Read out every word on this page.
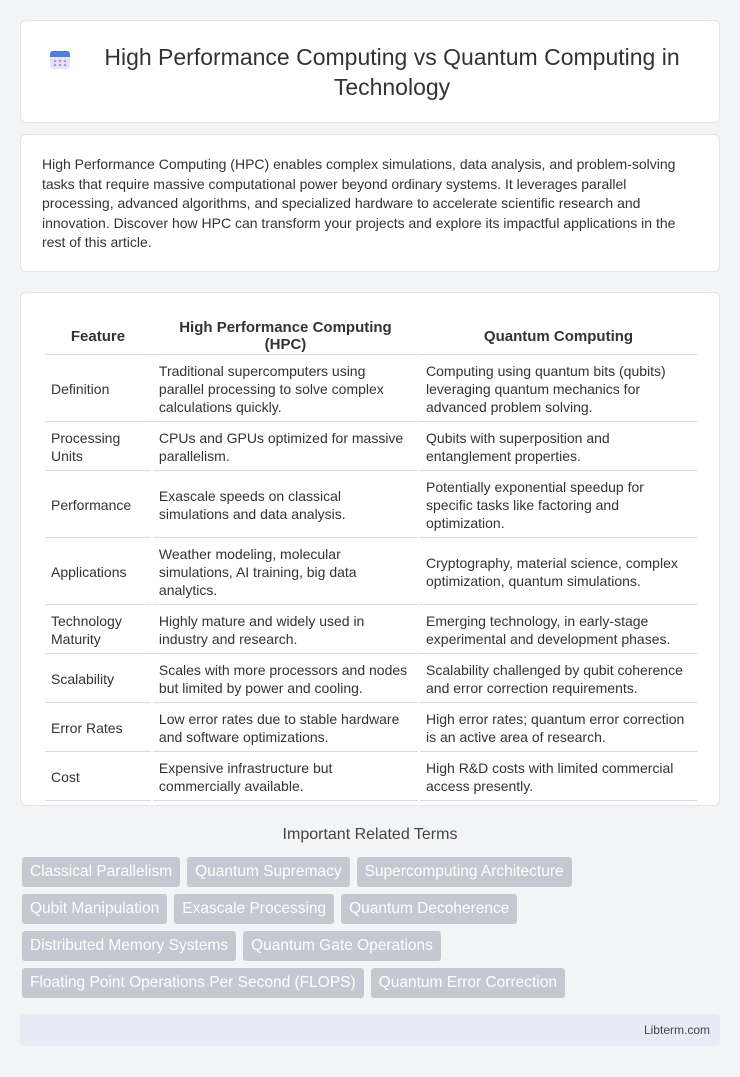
High Performance Computing vs Quantum Computing in Technology

High Performance Computing (HPC) enables complex simulations, data analysis, and problem-solving tasks that require massive computational power beyond ordinary systems. It leverages parallel processing, advanced algorithms, and specialized hardware to accelerate scientific research and innovation. Discover how HPC can transform your projects and explore its impactful applications in the rest of this article.

Feature	High Performance Computing (HPC)	Quantum Computing
Definition	Traditional supercomputers using parallel processing to solve complex calculations quickly.	Computing using quantum bits (qubits) leveraging quantum mechanics for advanced problem solving.
Processing Units	CPUs and GPUs optimized for massive parallelism.	Qubits with superposition and entanglement properties.
Performance	Exascale speeds on classical simulations and data analysis.	Potentially exponential speedup for specific tasks like factoring and optimization.
Applications	Weather modeling, molecular simulations, AI training, big data analytics.	Cryptography, material science, complex optimization, quantum simulations.
Technology Maturity	Highly mature and widely used in industry and research.	Emerging technology, in early-stage experimental and development phases.
Scalability	Scales with more processors and nodes but limited by power and cooling.	Scalability challenged by qubit coherence and error correction requirements.
Error Rates	Low error rates due to stable hardware and software optimizations.	High error rates; quantum error correction is an active area of research.
Cost	Expensive infrastructure but commercially available.	High R&D costs with limited commercial access presently.
Important Related Terms
Classical Parallelism	Quantum Supremacy	Supercomputing Architecture
Qubit Manipulation	Exascale Processing	Quantum Decoherence
Distributed Memory Systems	Quantum Gate Operations
Floating Point Operations Per Second (FLOPS)	Quantum Error Correction
Libterm.com
